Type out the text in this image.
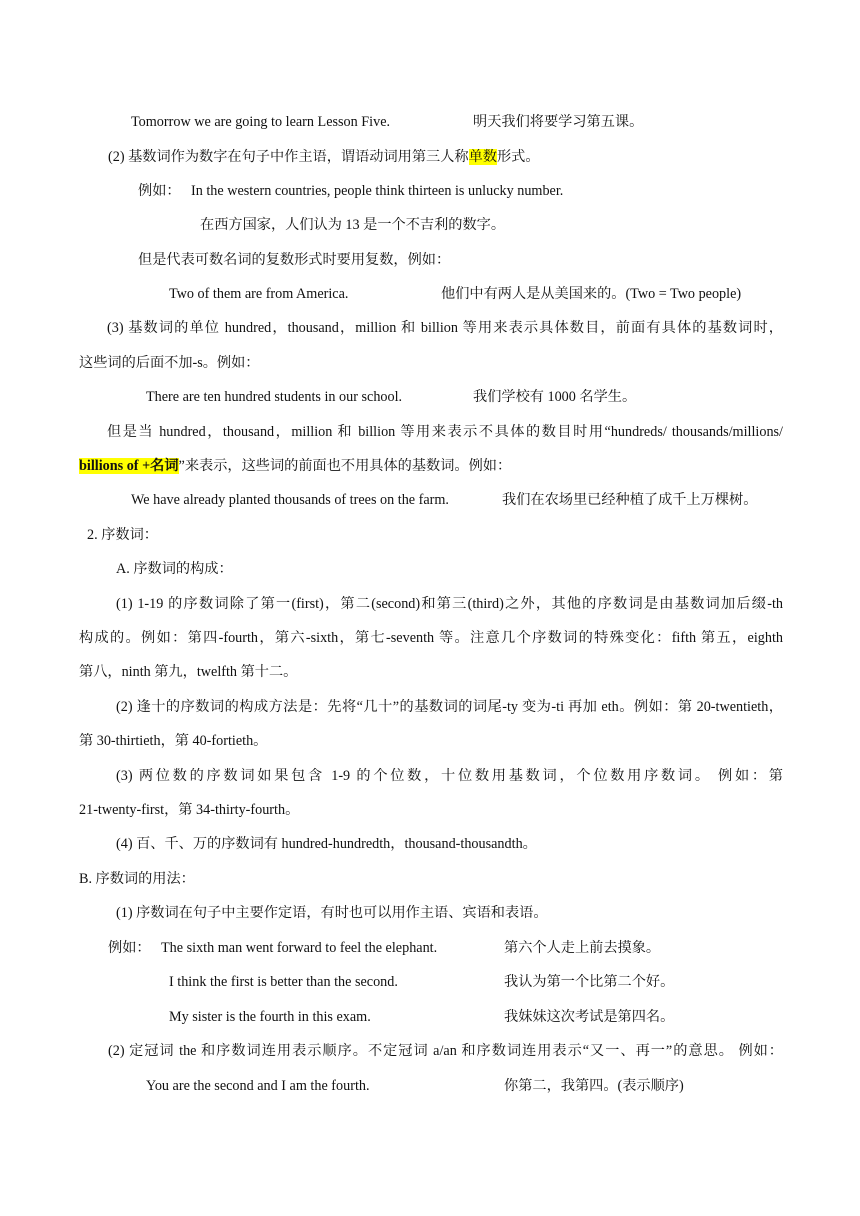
Tomorrow we are going to learn Lesson Five.	明天我们将要学习第五课。
(2) 基数词作为数字在句子中作主语，谓语动词用第三人称单数形式。
例如： In the western countries, people think thirteen is unlucky number.
在西方国家，人们认为 13 是一个不吉利的数字。
但是代表可数名词的复数形式时要用复数，例如：
Two of them are from America.	他们中有两人是从美国来的。(Two = Two people)
(3) 基数词的单位 hundred，thousand，million 和 billion 等用来表示具体数目，前面有具体的基数词时，
这些词的后面不加-s。例如：
There are ten hundred students in our school.	我们学校有 1000 名学生。
但是当 hundred，thousand，million 和 billion 等用来表示不具体的数目时用“hundreds/ thousands/millions/
billions of +名词”来表示，这些词的前面也不用具体的基数词。例如：
We have already planted thousands of trees on the farm.	我们在农场里已经种植了成千上万棵树。
2. 序数词：
A. 序数词的构成：
(1) 1-19 的序数词除了第一(first)，第二(second)和第三(third)之外，其他的序数词是由基数词加后缀-th
构成的。例如：第四-fourth，第六-sixth，第七-seventh 等。注意几个序数词的特殊变化：fifth 第五，eighth
第八，ninth 第九，twelfth 第十二。
(2) 逢十的序数词的构成方法是：先将“几十”的基数词的词尾-ty 变为-ti 再加 eth。例如：第 20-twentieth，
第 30-thirtieth，第 40-fortieth。
(3) 两位数的序数词如果包含 1-9 的个位数，十位数用基数词，个位数用序数词。 例如：第
21-twenty-first，第 34-thirty-fourth。
(4) 百、千、万的序数词有 hundred-hundredth，thousand-thousandth。
B. 序数词的用法：
(1) 序数词在句子中主要作定语，有时也可以用作主语、宾语和表语。
例如： The sixth man went forward to feel the elephant.	第六个人走上前去摸象。
I think the first is better than the second.	我认为第一个比第二个好。
My sister is the fourth in this exam.	我妹妹这次考试是第四名。
(2) 定冠词 the 和序数词连用表示顺序。不定冠词 a/an 和序数词连用表示“又一、再一”的意思。 例如：
You are the second and I am the fourth.	你第二，我第四。(表示顺序)
